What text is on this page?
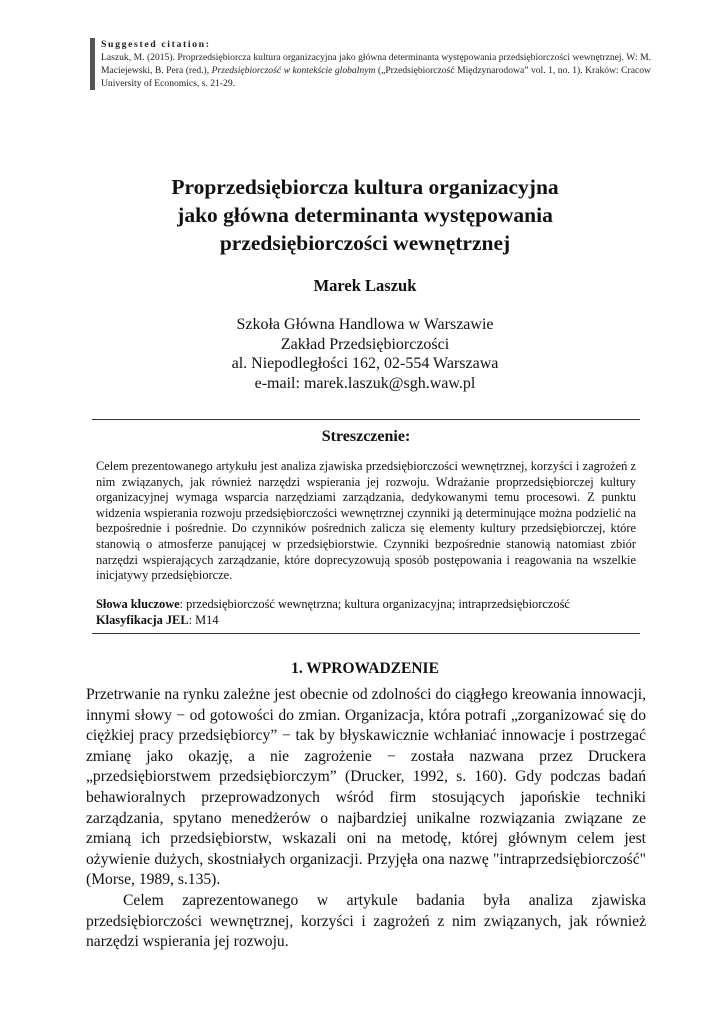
Suggested citation:

Laszuk, M. (2015). Proprzedsiębiorcza kultura organizacyjna jako główna determinanta występowania przedsiębiorczości wewnętrznej. W: M. Maciejewski, B. Pera (red.), Przedsiębiorczość w kontekście globalnym („Przedsiębiorczość Międzynarodowa” vol. 1, no. 1). Kraków: Cracow University of Economics, s. 21-29.

Proprzedsiębiorcza kultura organizacyjna
jako główna determinanta występowania
przedsiębiorczości wewnętrznej
Marek Laszuk
Szkoła Główna Handlowa w Warszawie
Zakład Przedsiębiorczości
al. Niepodległości 162, 02-554 Warszawa
e-mail: marek.laszuk@sgh.waw.pl
Streszczenie:
Celem prezentowanego artykułu jest analiza zjawiska przedsiębiorczości wewnętrznej, korzyści i zagrożeń z nim związanych, jak również narzędzi wspierania jej rozwoju. Wdrażanie proprzedsiębiorczej kultury organizacyjnej wymaga wsparcia narzędziami zarządzania, dedykowanymi temu procesowi. Z punktu widzenia wspierania rozwoju przedsiębiorczości wewnętrznej czynniki ją determinujące można podzielić na bezpośrednie i pośrednie. Do czynników pośrednich zalicza się elementy kultury przedsiębiorczej, które stanowią o atmosferze panującej w przedsiębiorstwie. Czynniki bezpośrednie stanowią natomiast zbiór narzędzi wspierających zarządzanie, które doprecyzowują sposób postępowania i reagowania na wszelkie inicjatywy przedsiębiorcze.
Słowa kluczowe: przedsiębiorczość wewnętrzna; kultura organizacyjna; intraprzedsiębiorczość
Klasyfikacja JEL: M14
1. WPROWADZENIE

Przetrwanie na rynku zależne jest obecnie od zdolności do ciągłego kreowania innowacji, innymi słowy − od gotowości do zmian. Organizacja, która potrafi „zorganizować się do ciężkiej pracy przedsiębiorcy” − tak by błyskawicznie wchłaniać innowacje i postrzegać zmianę jako okazję, a nie zagrożenie − została nazwana przez Druckera „przedsiębiorstwem przedsiębiorczym” (Drucker, 1992, s. 160). Gdy podczas badań behawioralnych przeprowadzonych wśród firm stosujących japońskie techniki zarządzania, spytano menedżerów o najbardziej unikalne rozwiązania związane ze zmianą ich przedsiębiorstw, wskazali oni na metodę, której głównym celem jest ożywienie dużych, skostniałych organizacji. Przyjęła ona nazwę "intraprzedsiębiorczość" (Morse, 1989, s.135).

Celem zaprezentowanego w artykule badania była analiza zjawiska przedsiębiorczości wewnętrznej, korzyści i zagrożeń z nim związanych, jak również narzędzi wspierania jej rozwoju.
